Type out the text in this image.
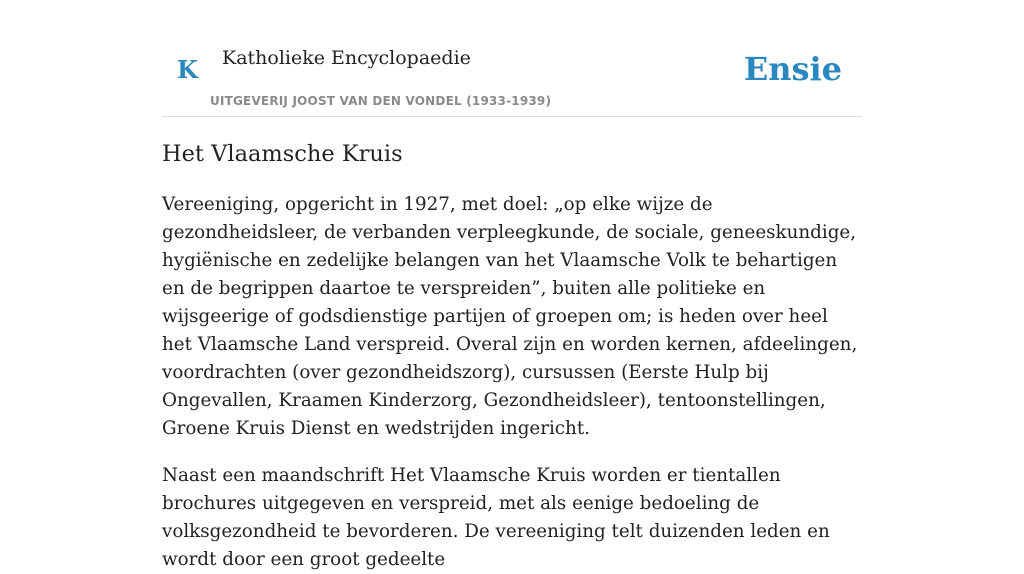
K Katholieke Encyclopaedie
UITGEVERIJ JOOST VAN DEN VONDEL (1933-1939)
Ensie
Het Vlaamsche Kruis

Vereeniging, opgericht in 1927, met doel: „op elke wijze de gezondheidsleer, de verbanden verpleegkunde, de sociale, geneeskundige, hygiënische en zedelijke belangen van het Vlaamsche Volk te behartigen en de begrippen daartoe te verspreiden”, buiten alle politieke en wijsgeerige of godsdienstige partijen of groepen om; is heden over heel het Vlaamsche Land verspreid. Overal zijn en worden kernen, afdeelingen, voordrachten (over gezondheidszorg), cursussen (Eerste Hulp bij Ongevallen, Kraamen Kinderzorg, Gezondheidsleer), tentoonstellingen, Groene Kruis Dienst en wedstrijden ingericht.

Naast een maandschrift Het Vlaamsche Kruis worden er tientallen brochures uitgegeven en verspreid, met als eenige bedoeling de volksgezondheid te bevorderen. De vereeniging telt duizenden leden en wordt door een groot gedeelte
